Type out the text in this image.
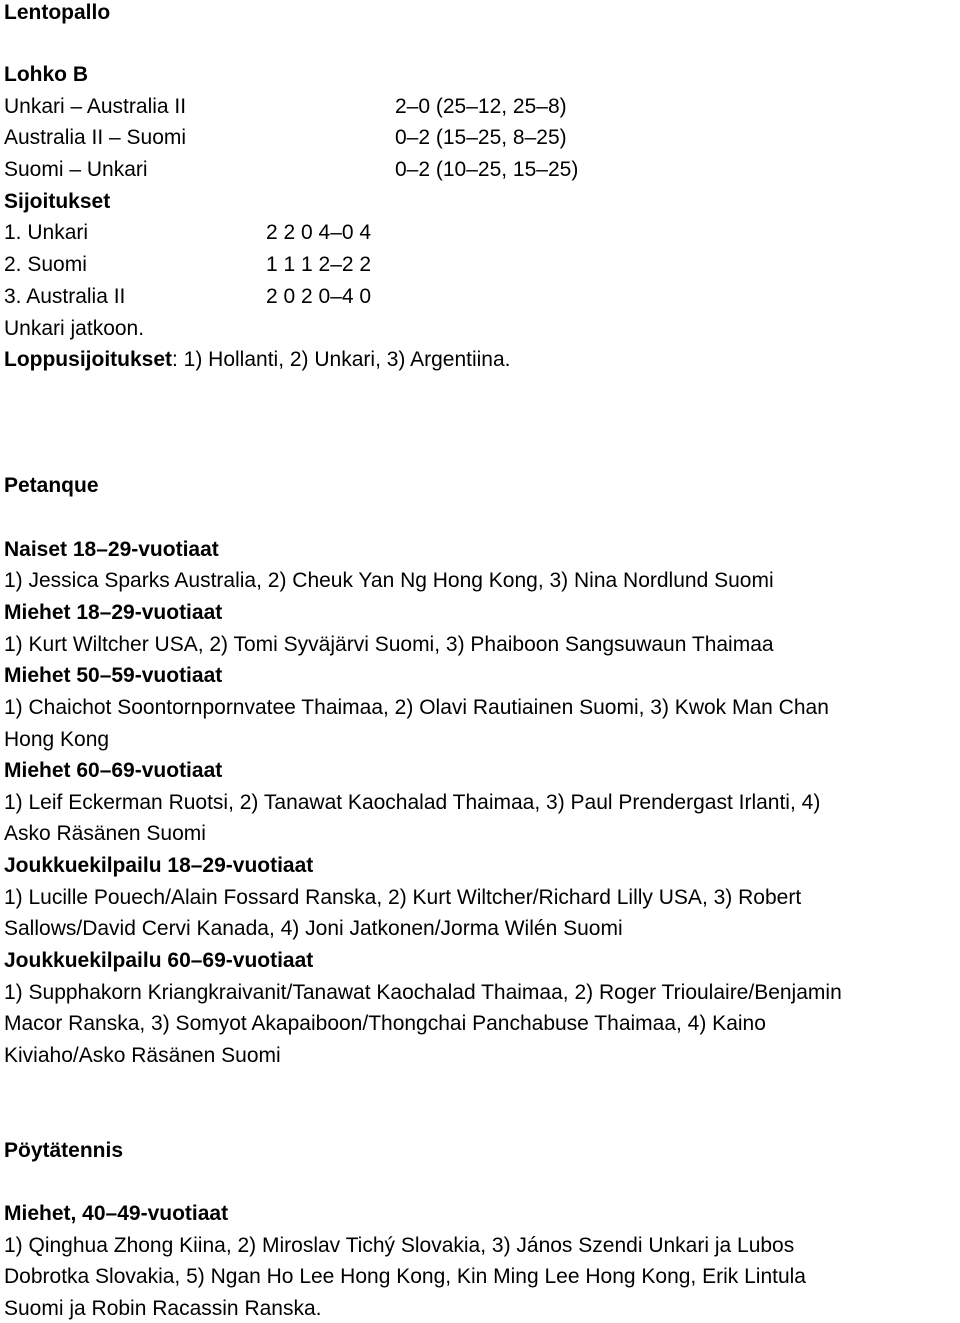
Lentopallo
Lohko B
Unkari – Australia II	2–0 (25–12, 25–8)
Australia II – Suomi	0–2 (15–25, 8–25)
Suomi – Unkari	0–2 (10–25, 15–25)
Sijoitukset
1. Unkari	2 2 0 4–0 4
2. Suomi	1 1 1 2–2 2
3. Australia II	2 0 2 0–4 0
Unkari jatkoon.
Loppusijoitukset: 1) Hollanti, 2) Unkari, 3) Argentiina.
Petanque
Naiset 18–29-vuotiaat
1) Jessica Sparks Australia, 2) Cheuk Yan Ng Hong Kong, 3) Nina Nordlund Suomi
Miehet 18–29-vuotiaat
1) Kurt Wiltcher USA, 2) Tomi Syväjärvi Suomi, 3) Phaiboon Sangsuwaun Thaimaa
Miehet 50–59-vuotiaat
1) Chaichot Soontornpornvatee Thaimaa, 2) Olavi Rautiainen Suomi, 3) Kwok Man Chan
Hong Kong
Miehet 60–69-vuotiaat
1) Leif Eckerman Ruotsi, 2) Tanawat Kaochalad Thaimaa, 3) Paul Prendergast Irlanti, 4)
Asko Räsänen Suomi
Joukkuekilpailu 18–29-vuotiaat
1) Lucille Pouech/Alain Fossard Ranska, 2) Kurt Wiltcher/Richard Lilly USA, 3) Robert
Sallows/David Cervi Kanada, 4) Joni Jatkonen/Jorma Wilén Suomi
Joukkuekilpailu 60–69-vuotiaat
1) Supphakorn Kriangkraivanit/Tanawat Kaochalad Thaimaa, 2) Roger Trioulaire/Benjamin
Macor Ranska, 3) Somyot Akapaiboon/Thongchai Panchabuse Thaimaa, 4) Kaino
Kiviaho/Asko Räsänen Suomi
Pöytätennis
Miehet, 40–49-vuotiaat
1) Qinghua Zhong Kiina, 2) Miroslav Tichý Slovakia, 3) János Szendi Unkari ja Lubos
Dobrotka Slovakia, 5) Ngan Ho Lee Hong Kong, Kin Ming Lee Hong Kong, Erik Lintula
Suomi ja Robin Racassin Ranska.
